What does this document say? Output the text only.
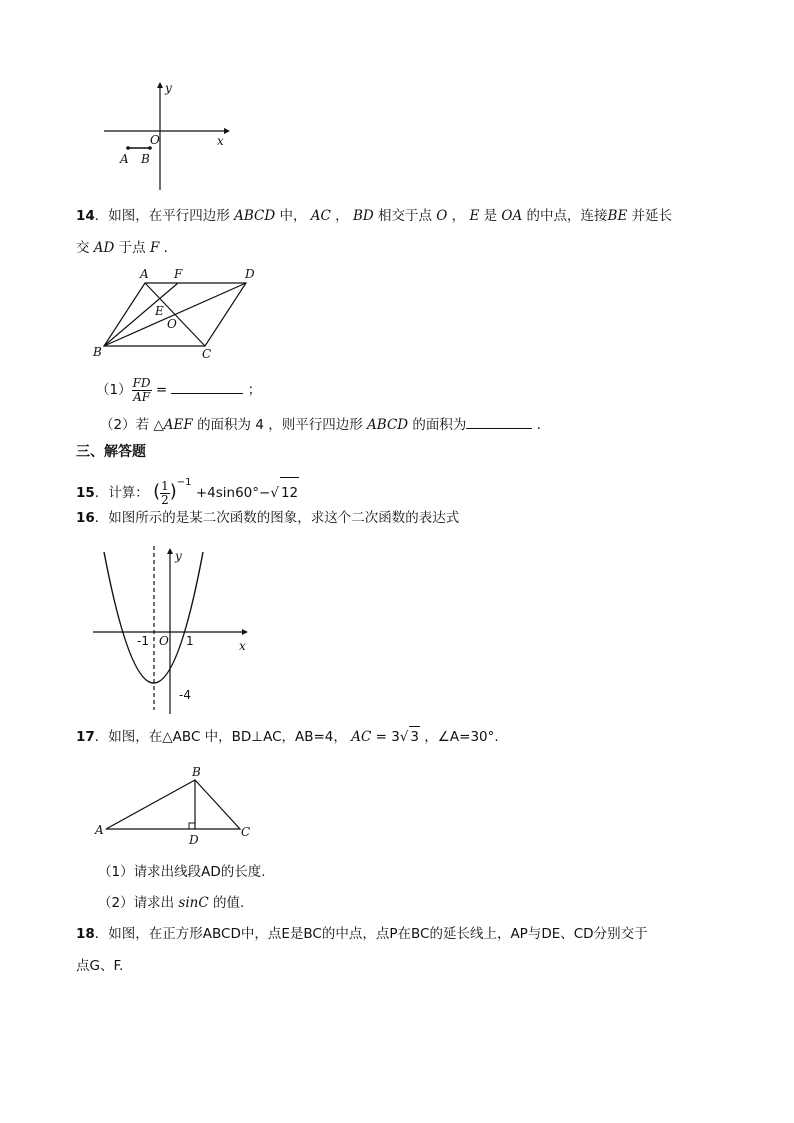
y
x
O
A B
14．如图，在平行四边形 ABCD 中， AC ， BD 相交于点 O ， E 是 OA 的中点，连接BE 并延长
交 AD 于点 F ．
A F	D
E
O
B	C
$(1) \frac{FD}{AF}$ =	；
（2）若 △AEF 的面积为 4 ，则平行四边形 ABCD 的面积为	．
三、解答题
15．计算： ( $\frac{1}{2} )^{-1} +4\sin 60^\circ-√$ 12
16．如图所示的是某二次函数的图象，求这个二次函数的表达式
y
x
O
-1	1
-4
17．如图，在△ABC 中，BD⊥AC，AB=4， AC = 3√ 3 ，∠A=30°.
A
B
C
D
（1）请求出线段AD的长度.
（2）请求出 sinC 的值.
18．如图，在正方形ABCD中，点E是BC的中点，点P在BC的延长线上，AP与DE、CD分别交于
点G、F.
